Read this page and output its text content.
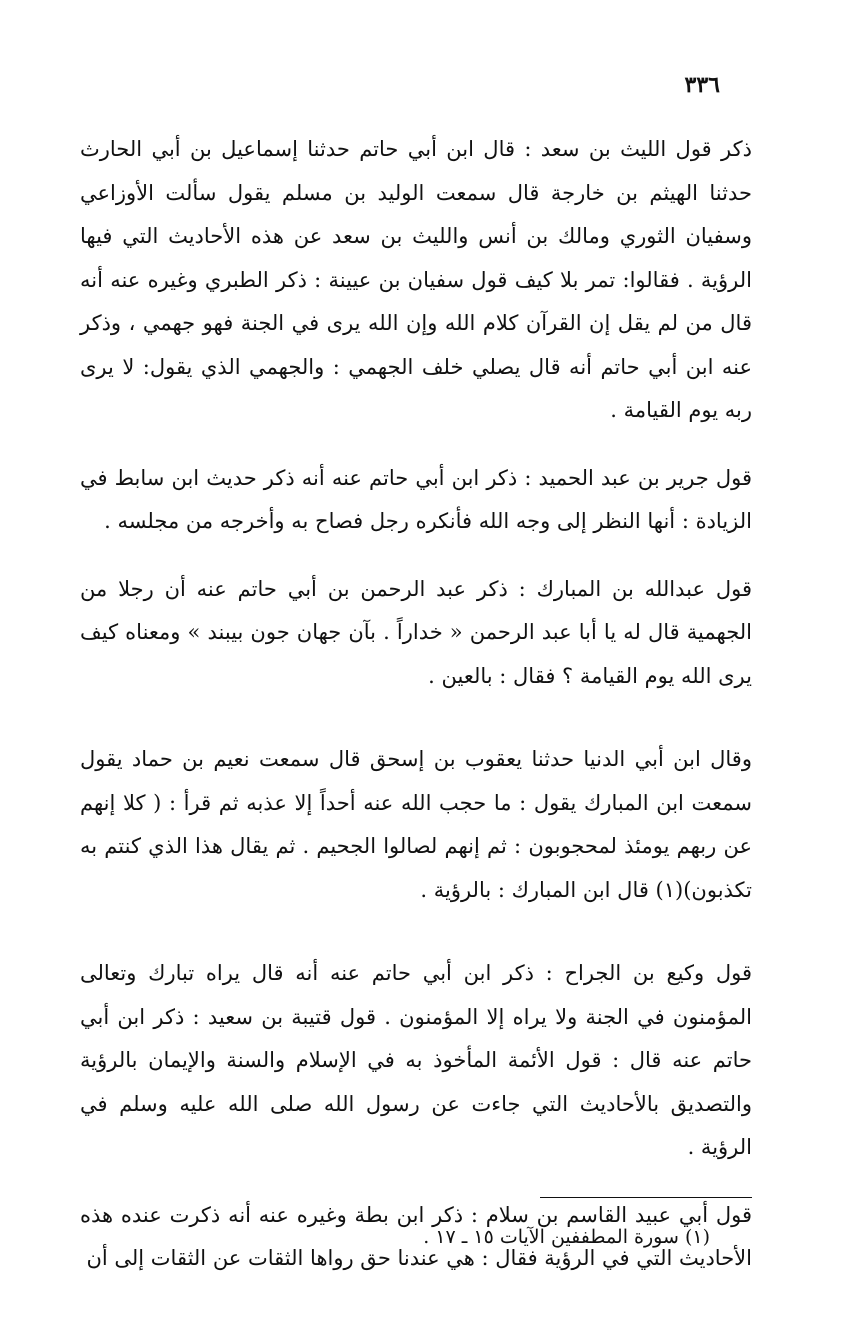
٣٣٦

ذكر قول الليث بن سعد : قال ابن أبي حاتم حدثنا إسماعيل بن أبي الحارث حدثنا الهيثم بن خارجة قال سمعت الوليد بن مسلم يقول سألت الأوزاعي وسفيان الثوري ومالك بن أنس والليث بن سعد عن هذه الأحاديث التي فيها الرؤية . فقالوا: تمر بلا كيف قول سفيان بن عيينة : ذكر الطبري وغيره عنه أنه قال من لم يقل إن القرآن كلام الله وإن الله يرى في الجنة فهو جهمي ، وذكر عنه ابن أبي حاتم أنه قال يصلي خلف الجهمي : والجهمي الذي يقول: لا يرى ربه يوم القيامة .

قول جرير بن عبد الحميد : ذكر ابن أبي حاتم عنه أنه ذكر حديث ابن سابط في الزيادة : أنها النظر إلى وجه الله فأنكره رجل فصاح به وأخرجه من مجلسه .

قول عبدالله بن المبارك : ذكر عبد الرحمن بن أبي حاتم عنه أن رجلا من الجهمية قال له يا أبا عبد الرحمن « خداراً . بآن جهان جون بيبند » ومعناه كيف يرى الله يوم القيامة ؟ فقال : بالعين .

وقال ابن أبي الدنيا حدثنا يعقوب بن إسحق قال سمعت نعيم بن حماد يقول سمعت ابن المبارك يقول : ما حجب الله عنه أحداً إلا عذبه ثم قرأ : ( كلا إنهم عن ربهم يومئذ لمحجوبون : ثم إنهم لصالوا الجحيم . ثم يقال هذا الذي كنتم به تكذبون)(١) قال ابن المبارك : بالرؤية .

قول وكيع بن الجراح : ذكر ابن أبي حاتم عنه أنه قال يراه تبارك وتعالى المؤمنون في الجنة ولا يراه إلا المؤمنون . قول قتيبة بن سعيد : ذكر ابن أبي حاتم عنه قال : قول الأئمة المأخوذ به في الإسلام والسنة والإيمان بالرؤية والتصديق بالأحاديث التي جاءت عن رسول الله صلى الله عليه وسلم في الرؤية .

قول أبي عبيد القاسم بن سلام : ذكر ابن بطة وغيره عنه أنه ذكرت عنده هذه الأحاديث التي في الرؤية فقال : هي عندنا حق رواها الثقات عن الثقات إلى أن

(١) سورة المطففين الآيات ١٥ ـ ١٧ .
